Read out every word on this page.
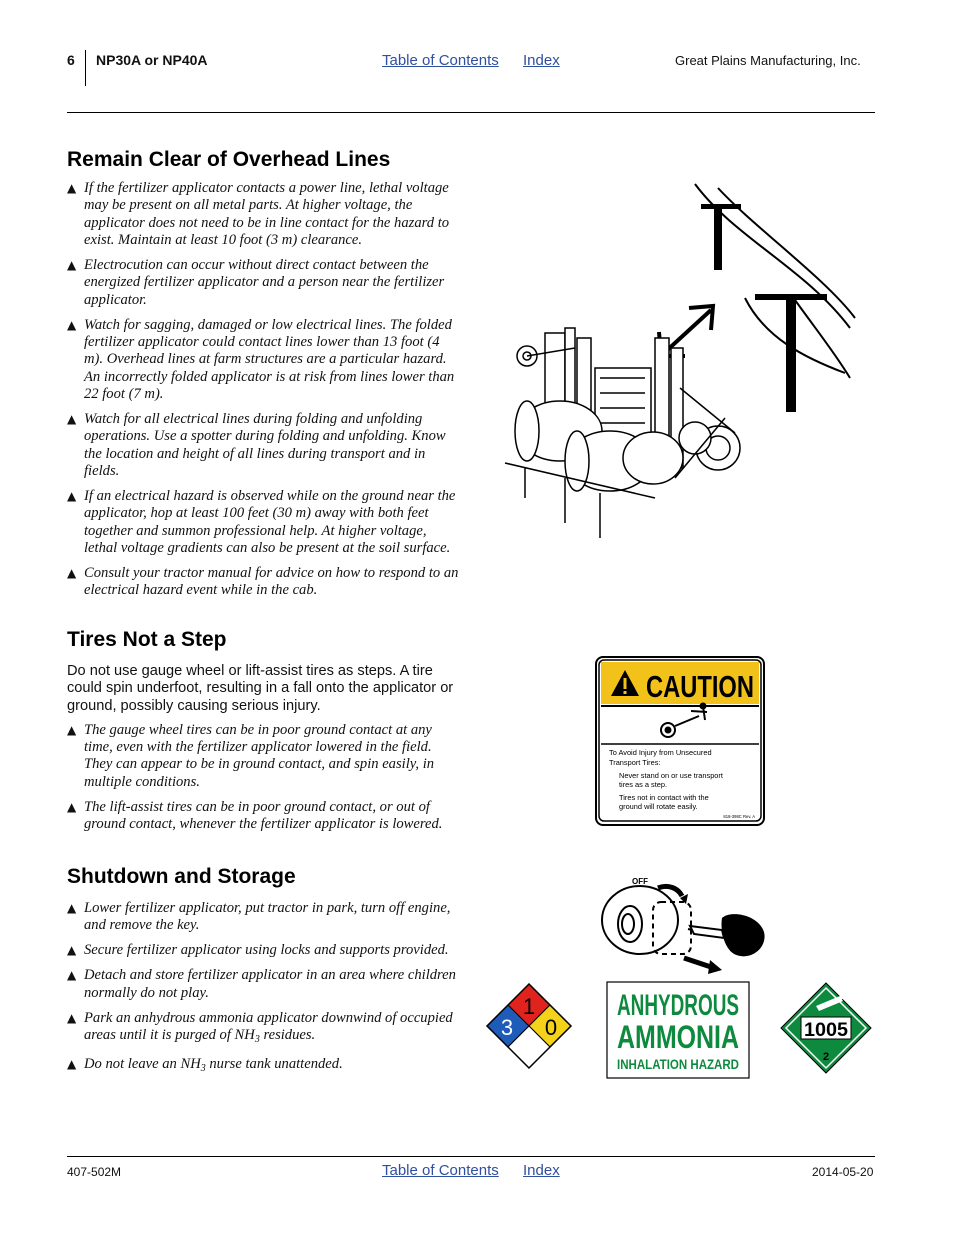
6 NP30A or NP40A	Table of Contents Index	Great Plains Manufacturing, Inc.
Remain Clear of Overhead Lines
▲ If the fertilizer applicator contacts a power line, lethal voltage may be present on all metal parts. At higher voltage, the applicator does not need to be in line contact for the hazard to exist. Maintain at least 10 foot (3 m) clearance.
▲ Electrocution can occur without direct contact between the energized fertilizer applicator and a person near the fertilizer applicator.
▲ Watch for sagging, damaged or low electrical lines. The folded fertilizer applicator could contact lines lower than 13 foot (4 m). Overhead lines at farm structures are a particular hazard. An incorrectly folded applicator is at risk from lines lower than 22 foot (7 m).
▲ Watch for all electrical lines during folding and unfolding operations. Use a spotter during folding and unfolding. Know the location and height of all lines during transport and in fields.
▲ If an electrical hazard is observed while on the ground near the applicator, hop at least 100 feet (30 m) away with both feet together and summon professional help. At higher voltage, lethal voltage gradients can also be present at the soil surface.
▲ Consult your tractor manual for advice on how to respond to an electrical hazard event while in the cab.
Tires Not a Step

Do not use gauge wheel or lift-assist tires as steps. A tire could spin underfoot, resulting in a fall onto the applicator or ground, possibly causing serious injury.

▲ The gauge wheel tires can be in poor ground contact at any time, even with the fertilizer applicator lowered in the field. They can appear to be in ground contact, and spin easily, in multiple conditions.
▲ The lift-assist tires can be in poor ground contact, or out of ground contact, whenever the fertilizer applicator is lowered.
Shutdown and Storage
▲ Lower fertilizer applicator, put tractor in park, turn off engine, and remove the key.
▲ Secure fertilizer applicator using locks and supports provided.
▲ Detach and store fertilizer applicator in an area where children normally do not play.
▲ Park an anhydrous ammonia applicator downwind of occupied areas until it is purged of $NH_3$ residues.
▲ Do not leave an $NH_3$ nurse tank unattended.
CAUTION
To Avoid Injury from Unsecured
Transport Tires:
Never stand on or use transport
tires as a step.
Tires not in contact with the
ground will rotate easily.
818-398C Rev. A
OFF
1
3 0
ANHYDROUS
AMMONIA
INHALATION HAZARD
1005
2
407-502M	Table of Contents Index	2014-05-20
